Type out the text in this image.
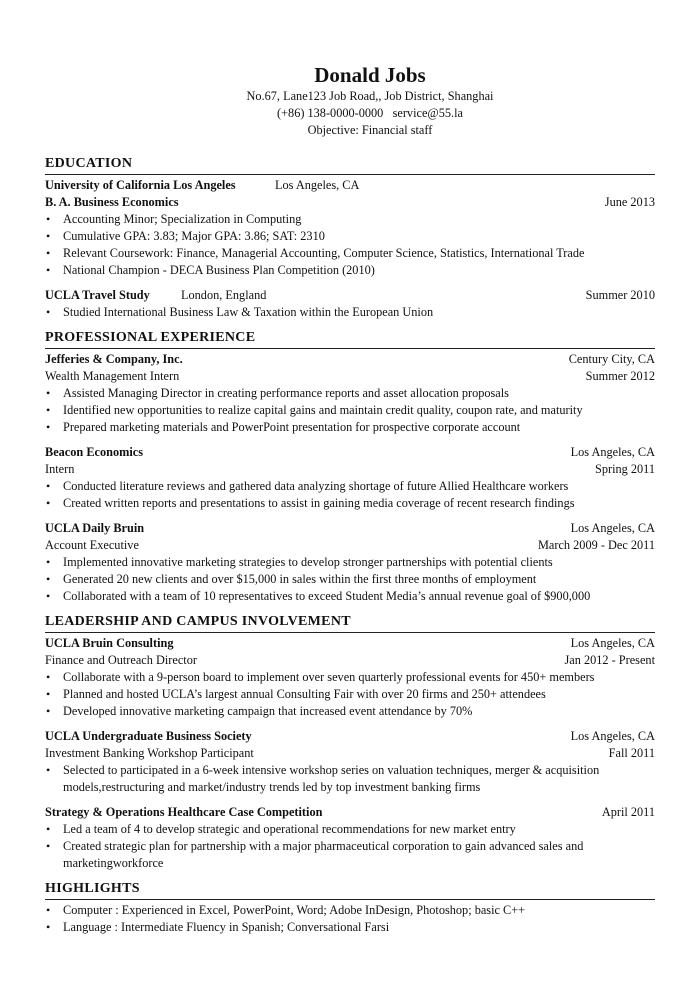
Donald Jobs
No.67, Lane123 Job Road,, Job District, Shanghai
(+86) 138-0000-0000 service@55.la
Objective: Financial staff
EDUCATION
University of California Los Angeles	Los Angeles, CA
B. A. Business Economics	June 2013
• Accounting Minor; Specialization in Computing
• Cumulative GPA: 3.83; Major GPA: 3.86; SAT: 2310
• Relevant Coursework: Finance, Managerial Accounting, Computer Science, Statistics, International Trade
• National Champion - DECA Business Plan Competition (2010)
UCLA Travel Study	London, England	Summer 2010
• Studied International Business Law & Taxation within the European Union
PROFESSIONAL EXPERIENCE
Jefferies & Company, Inc.	Century City, CA
Wealth Management Intern	Summer 2012
• Assisted Managing Director in creating performance reports and asset allocation proposals
• Identified new opportunities to realize capital gains and maintain credit quality, coupon rate, and maturity
• Prepared marketing materials and PowerPoint presentation for prospective corporate account
Beacon Economics	Los Angeles, CA
Intern	Spring 2011
• Conducted literature reviews and gathered data analyzing shortage of future Allied Healthcare workers
• Created written reports and presentations to assist in gaining media coverage of recent research findings
UCLA Daily Bruin	Los Angeles, CA
Account Executive	March 2009 - Dec 2011
• Implemented innovative marketing strategies to develop stronger partnerships with potential clients
• Generated 20 new clients and over $15,000 in sales within the first three months of employment
• Collaborated with a team of 10 representatives to exceed Student Media’s annual revenue goal of $900,000
LEADERSHIP AND CAMPUS INVOLVEMENT
UCLA Bruin Consulting	Los Angeles, CA
Finance and Outreach Director	Jan 2012 - Present
• Collaborate with a 9-person board to implement over seven quarterly professional events for 450+ members
• Planned and hosted UCLA’s largest annual Consulting Fair with over 20 firms and 250+ attendees
• Developed innovative marketing campaign that increased event attendance by 70%
UCLA Undergraduate Business Society	Los Angeles, CA
Investment Banking Workshop Participant	Fall 2011
• Selected to participated in a 6-week intensive workshop series on valuation techniques, merger & acquisition models,restructuring and market/industry trends led by top investment banking firms
Strategy & Operations Healthcare Case Competition	April 2011
• Led a team of 4 to develop strategic and operational recommendations for new market entry
• Created strategic plan for partnership with a major pharmaceutical corporation to gain advanced sales and marketingworkforce
HIGHLIGHTS
• Computer : Experienced in Excel, PowerPoint, Word; Adobe InDesign, Photoshop; basic C++
• Language : Intermediate Fluency in Spanish; Conversational Farsi
